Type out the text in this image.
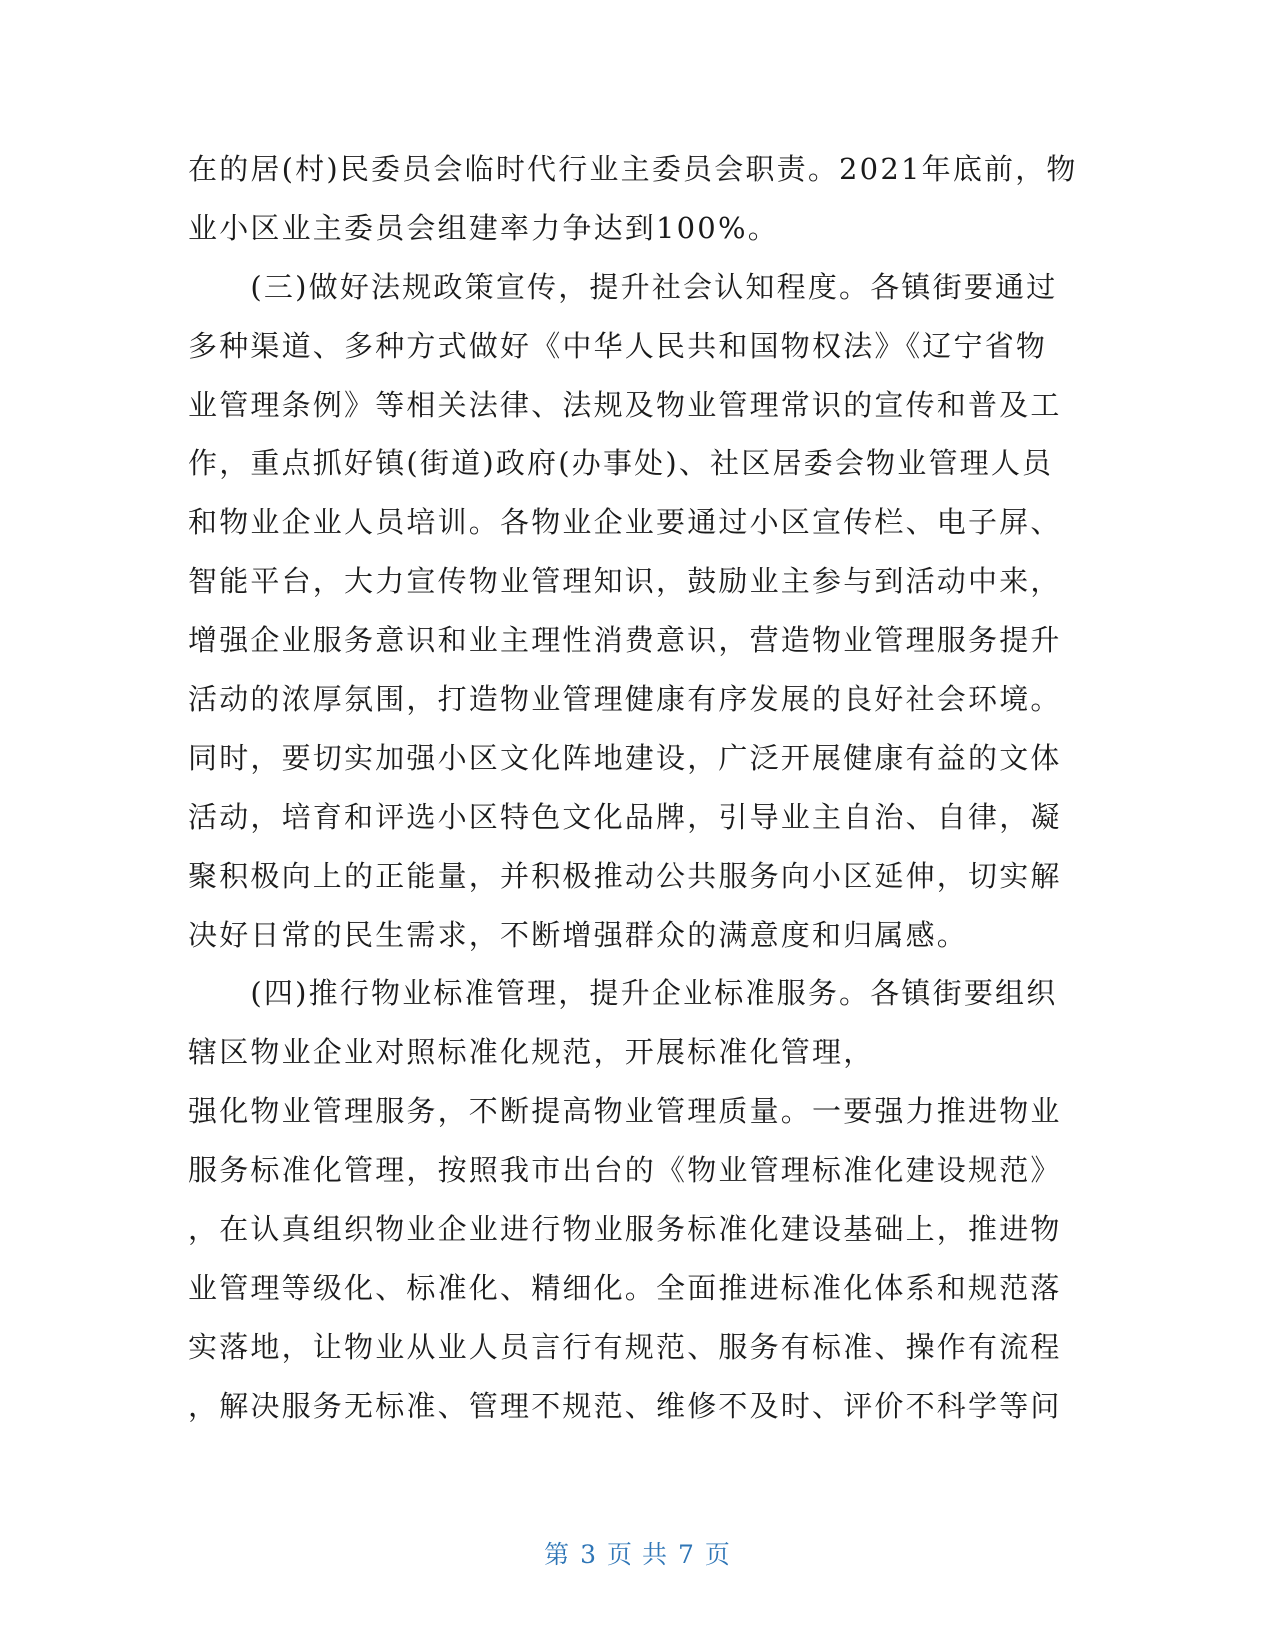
在的居(村)民委员会临时代行业主委员会职责。2021年底前，物
业小区业主委员会组建率力争达到100%。
　　(三)做好法规政策宣传，提升社会认知程度。各镇街要通过
多种渠道、多种方式做好《中华人民共和国物权法》《辽宁省物
业管理条例》等相关法律、法规及物业管理常识的宣传和普及工
作，重点抓好镇(街道)政府(办事处)、社区居委会物业管理人员
和物业企业人员培训。各物业企业要通过小区宣传栏、电子屏、
智能平台，大力宣传物业管理知识，鼓励业主参与到活动中来，
增强企业服务意识和业主理性消费意识，营造物业管理服务提升
活动的浓厚氛围，打造物业管理健康有序发展的良好社会环境。
同时，要切实加强小区文化阵地建设，广泛开展健康有益的文体
活动，培育和评选小区特色文化品牌，引导业主自治、自律，凝
聚积极向上的正能量，并积极推动公共服务向小区延伸，切实解
决好日常的民生需求，不断增强群众的满意度和归属感。
　　(四)推行物业标准管理，提升企业标准服务。各镇街要组织
辖区物业企业对照标准化规范，开展标准化管理，
强化物业管理服务，不断提高物业管理质量。一要强力推进物业
服务标准化管理，按照我市出台的《物业管理标准化建设规范》
，在认真组织物业企业进行物业服务标准化建设基础上，推进物
业管理等级化、标准化、精细化。全面推进标准化体系和规范落
实落地，让物业从业人员言行有规范、服务有标准、操作有流程
，解决服务无标准、管理不规范、维修不及时、评价不科学等问
第 3 页 共 7 页
